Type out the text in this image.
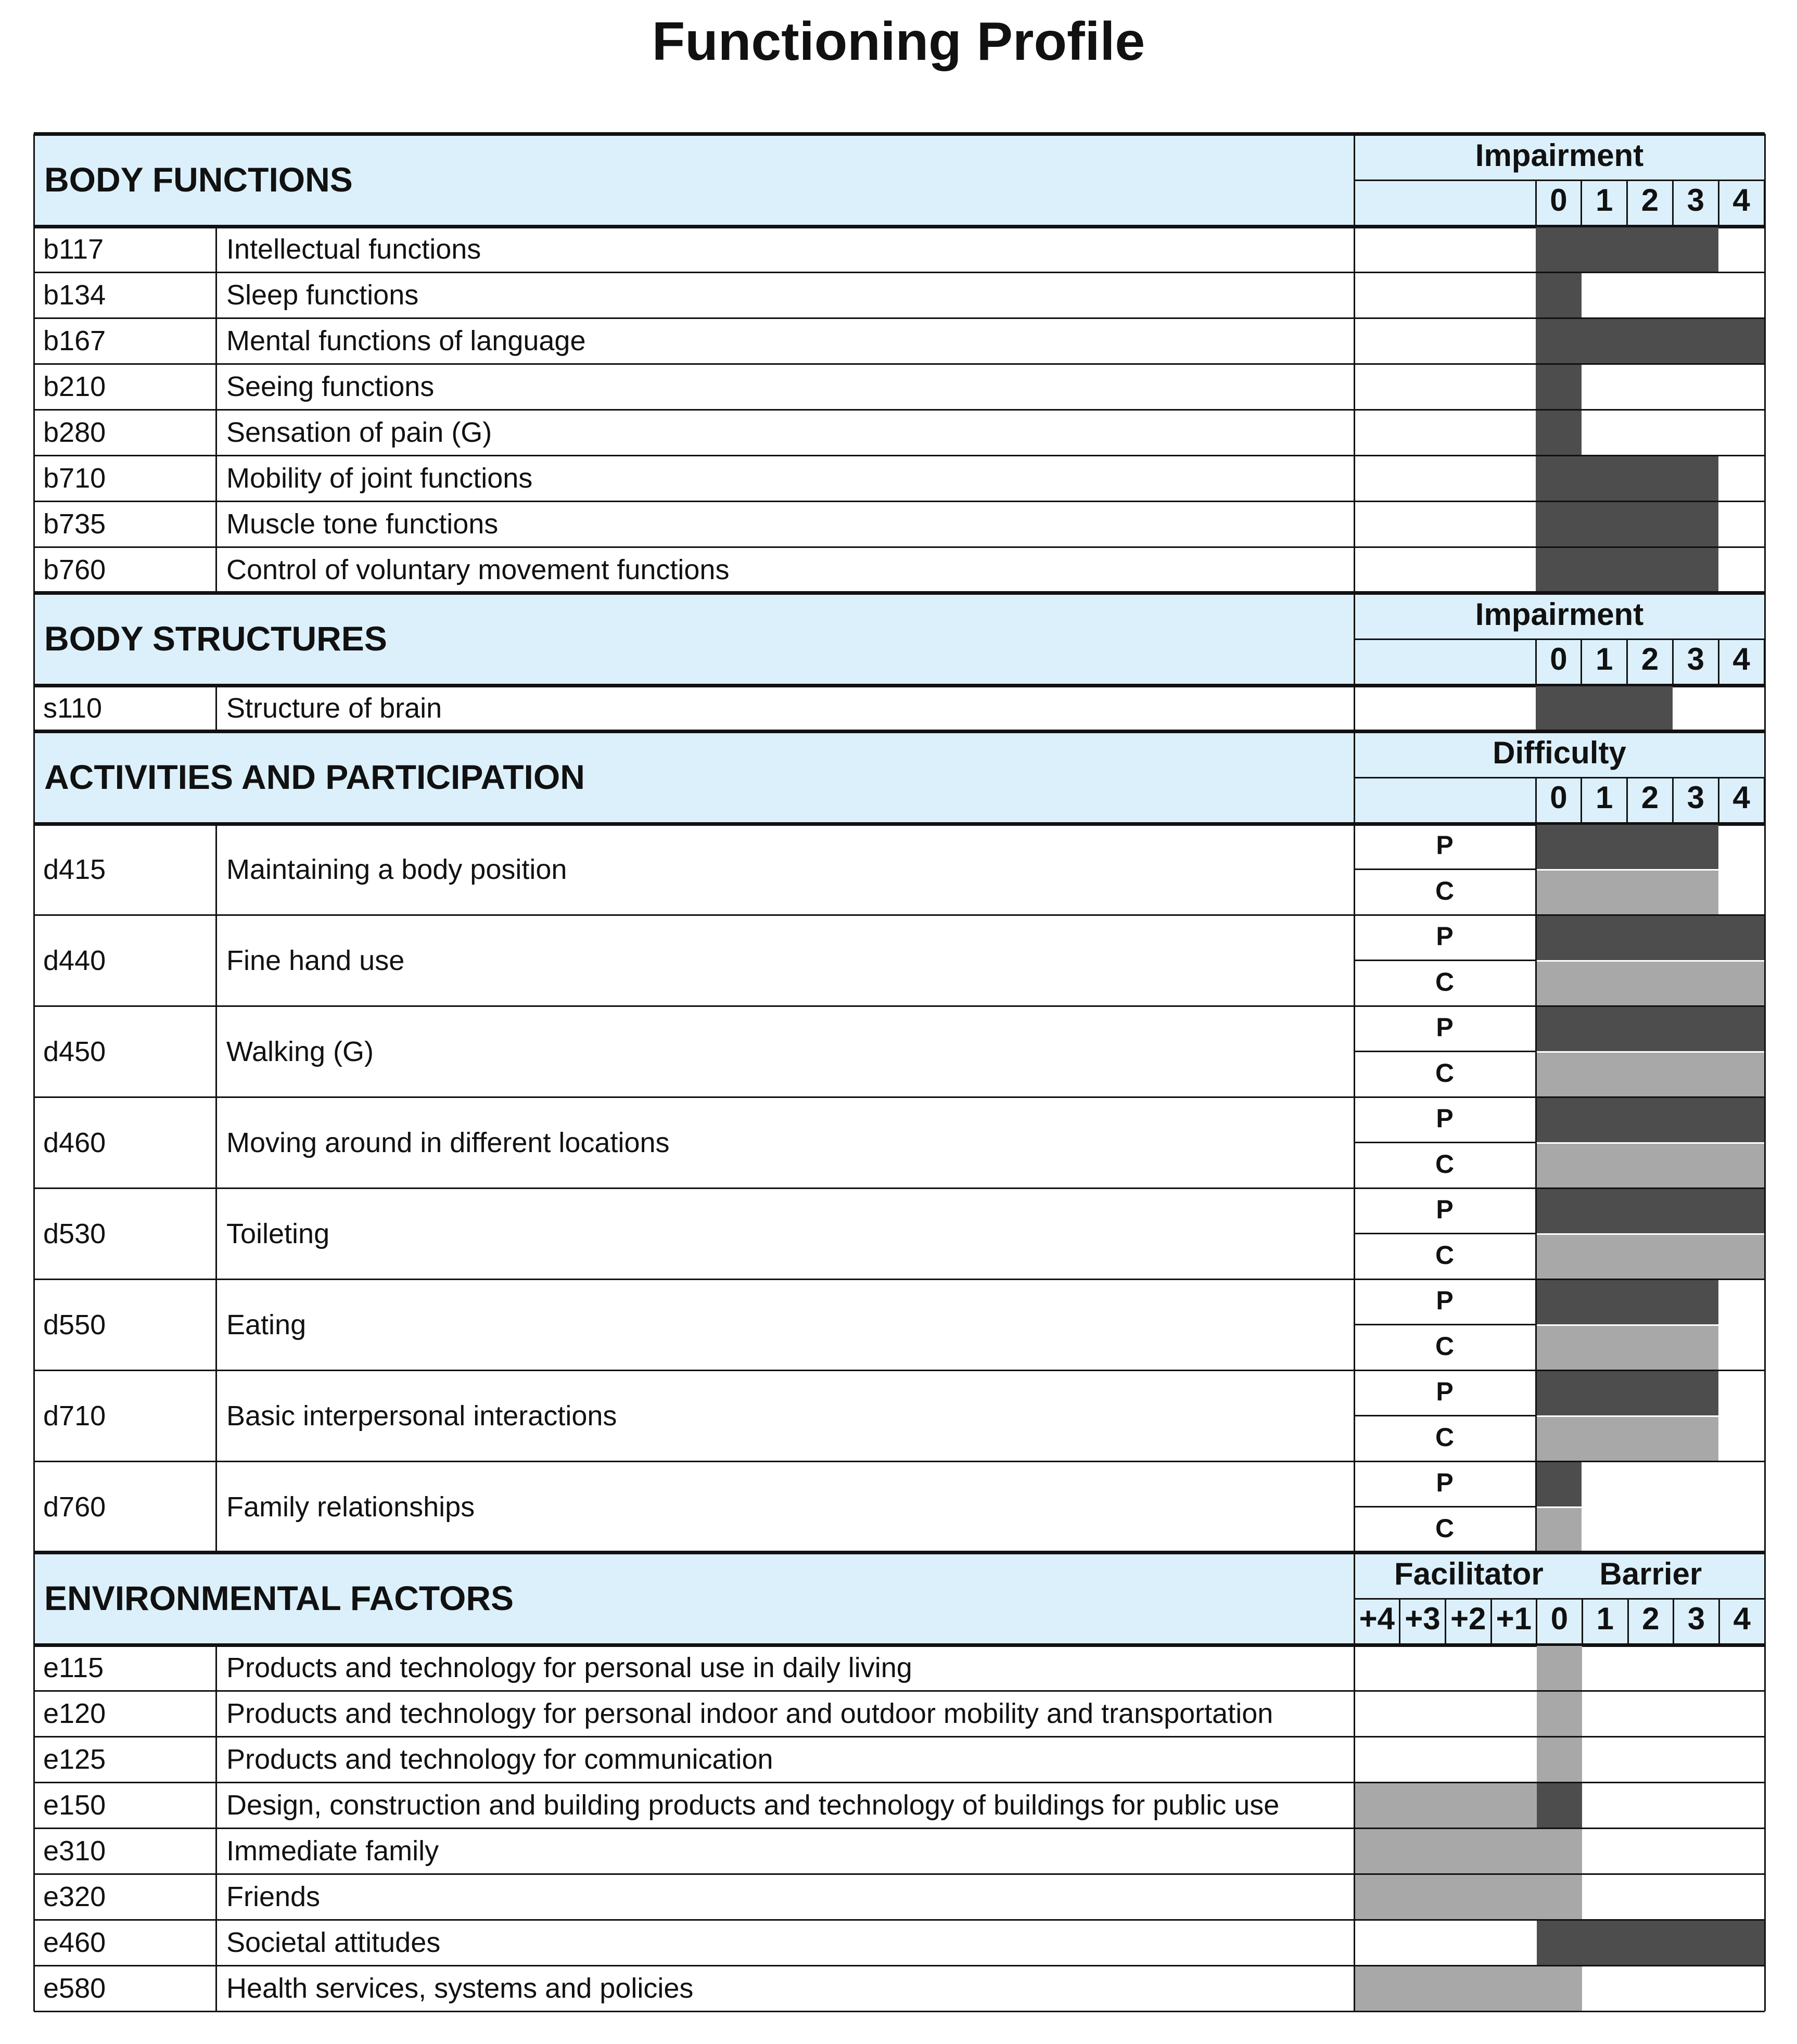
Functioning Profile
BODY FUNCTIONS
Impairment
0 1 2 3 4
b117	Intellectual functions
b134	Sleep functions
b167	Mental functions of language
b210	Seeing functions
b280	Sensation of pain (G)
b710	Mobility of joint functions
b735	Muscle tone functions
b760	Control of voluntary movement functions
BODY STRUCTURES
Impairment
0 1 2 3 4
s110	Structure of brain
ACTIVITIES AND PARTICIPATION
Difficulty
0 1 2 3 4
d415	Maintaining a body position
P
C
d440	Fine hand use
P
C
d450	Walking (G)
P
C
d460	Moving around in different locations
P
C
d530	Toileting
P
C
d550	Eating
P
C
d710	Basic interpersonal interactions
P
C
d760	Family relationships
P
C
ENVIRONMENTAL FACTORS
Facilitator	Barrier
+4 +3 +2 +1 0 1 2 3 4
e115	Products and technology for personal use in daily living
e120	Products and technology for personal indoor and outdoor mobility and transportation
e125	Products and technology for communication
e150	Design, construction and building products and technology of buildings for public use
e310	Immediate family
e320	Friends
e460	Societal attitudes
e580	Health services, systems and policies
